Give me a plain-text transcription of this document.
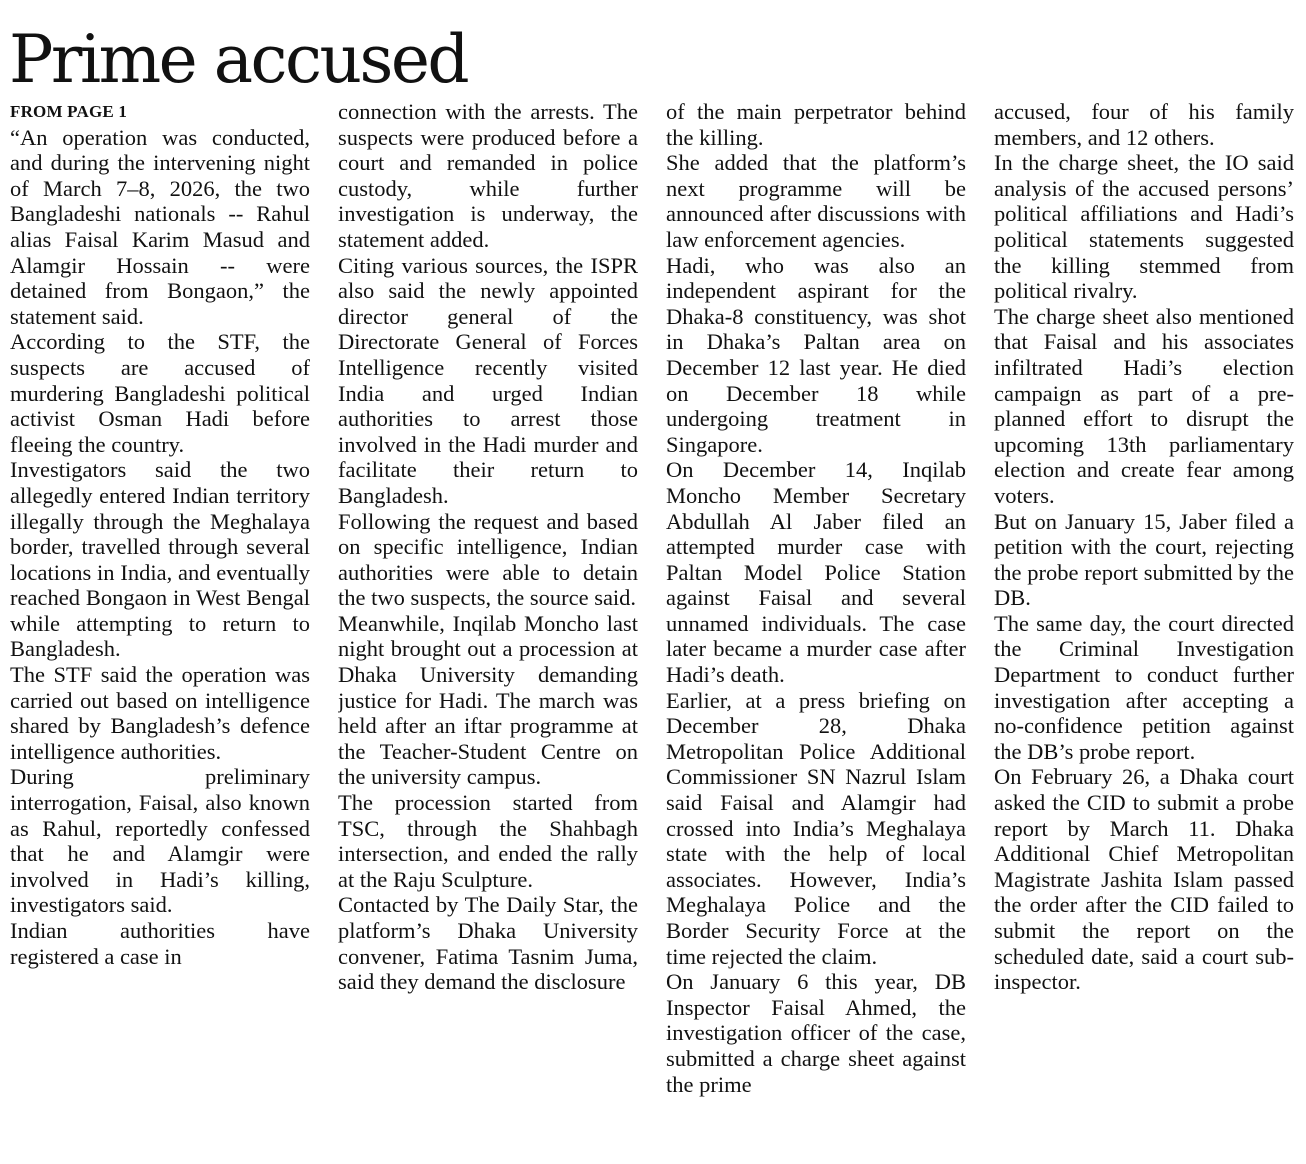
Prime accused

FROM PAGE 1

“An operation was conducted, and during the intervening night of March 7–8, 2026, the two Bangladeshi nationals -- Rahul alias Faisal Karim Masud and Alamgir Hossain -- were detained from Bongaon,” the statement said.

According to the STF, the suspects are accused of murdering Bangladeshi political activist Osman Hadi before fleeing the country.

Investigators said the two allegedly entered Indian territory illegally through the Meghalaya border, travelled through several locations in India, and eventually reached Bongaon in West Bengal while attempting to return to Bangladesh.

The STF said the operation was carried out based on intelligence shared by Bangladesh’s defence intelligence authorities.

During preliminary interrogation, Faisal, also known as Rahul, reportedly confessed that he and Alamgir were involved in Hadi’s killing, investigators said.

Indian authorities have registered a case in

connection with the arrests. The suspects were produced before a court and remanded in police custody, while further investigation is underway, the statement added.

Citing various sources, the ISPR also said the newly appointed director general of the Directorate General of Forces Intelligence recently visited India and urged Indian authorities to arrest those involved in the Hadi murder and facilitate their return to Bangladesh.

Following the request and based on specific intelligence, Indian authorities were able to detain the two suspects, the source said.

Meanwhile, Inqilab Moncho last night brought out a procession at Dhaka University demanding justice for Hadi. The march was held after an iftar programme at the Teacher-Student Centre on the university campus.

The procession started from TSC, through the Shahbagh intersection, and ended the rally at the Raju Sculpture.

Contacted by The Daily Star, the platform’s Dhaka University convener, Fatima Tasnim Juma, said they demand the disclosure

of the main perpetrator behind the killing.

She added that the platform’s next programme will be announced after discussions with law enforcement agencies.

Hadi, who was also an independent aspirant for the Dhaka-8 constituency, was shot in Dhaka’s Paltan area on December 12 last year. He died on December 18 while undergoing treatment in Singapore.

On December 14, Inqilab Moncho Member Secretary Abdullah Al Jaber filed an attempted murder case with Paltan Model Police Station against Faisal and several unnamed individuals. The case later became a murder case after Hadi’s death.

Earlier, at a press briefing on December 28, Dhaka Metropolitan Police Additional Commissioner SN Nazrul Islam said Faisal and Alamgir had crossed into India’s Meghalaya state with the help of local associates. However, India’s Meghalaya Police and the Border Security Force at the time rejected the claim.

On January 6 this year, DB Inspector Faisal Ahmed, the investigation officer of the case, submitted a charge sheet against the prime

accused, four of his family members, and 12 others.

In the charge sheet, the IO said analysis of the accused persons’ political affiliations and Hadi’s political statements suggested the killing stemmed from political rivalry.

The charge sheet also mentioned that Faisal and his associates infiltrated Hadi’s election campaign as part of a pre-planned effort to disrupt the upcoming 13th parliamentary election and create fear among voters.

But on January 15, Jaber filed a petition with the court, rejecting the probe report submitted by the DB.

The same day, the court directed the Criminal Investigation Department to conduct further investigation after accepting a no-confidence petition against the DB’s probe report.

On February 26, a Dhaka court asked the CID to submit a probe report by March 11. Dhaka Additional Chief Metropolitan Magistrate Jashita Islam passed the order after the CID failed to submit the report on the scheduled date, said a court sub-inspector.
